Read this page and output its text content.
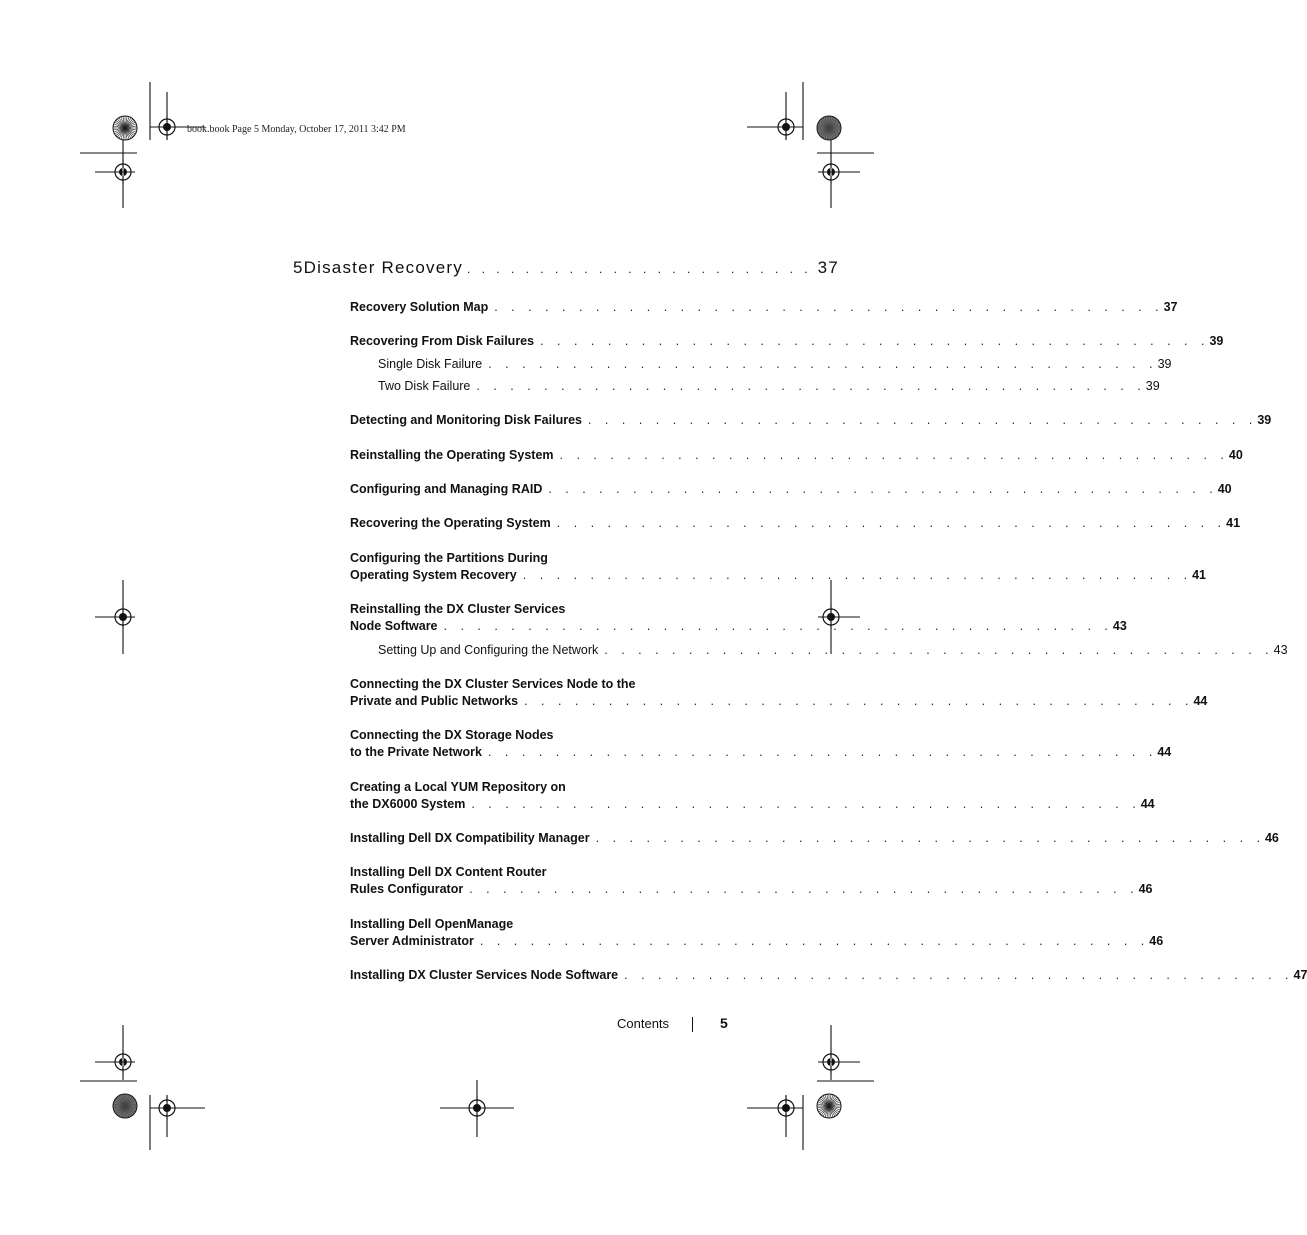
book.book Page 5 Monday, October 17, 2011 3:42 PM
5 Disaster Recovery . . . . . . . . . . . . . . . . . . . . . . . . 37
Recovery Solution Map . . . . . . . . . . . . . . . . . . . . . . . . . . . . . . . . . . . . . . . . 37
Recovering From Disk Failures . . . . . . . . . . . . . . . . . . . . . . . . . . . . . . . . . . . . . . . . 39
Single Disk Failure . . . . . . . . . . . . . . . . . . . . . . . . . . . . . . . . . . . . . . . . 39
Two Disk Failure . . . . . . . . . . . . . . . . . . . . . . . . . . . . . . . . . . . . . . . . 39
Detecting and Monitoring Disk Failures . . . . . . . . . . . . . . . . . . . . . . . . . . . . . . . . . . . . . . . . 39
Reinstalling the Operating System . . . . . . . . . . . . . . . . . . . . . . . . . . . . . . . . . . . . . . . . 40
Configuring and Managing RAID . . . . . . . . . . . . . . . . . . . . . . . . . . . . . . . . . . . . . . . . 40
Recovering the Operating System . . . . . . . . . . . . . . . . . . . . . . . . . . . . . . . . . . . . . . . . 41
Configuring the Partitions During
Operating System Recovery . . . . . . . . . . . . . . . . . . . . . . . . . . . . . . . . . . . . . . . . 41
Reinstalling the DX Cluster Services
Node Software . . . . . . . . . . . . . . . . . . . . . . . . . . . . . . . . . . . . . . . . 43
Setting Up and Configuring the Network . . . . . . . . . . . . . . . . . . . . . . . . . . . . . . . . . . . . . . . . 43
Connecting the DX Cluster Services Node to the
Private and Public Networks . . . . . . . . . . . . . . . . . . . . . . . . . . . . . . . . . . . . . . . . 44
Connecting the DX Storage Nodes
to the Private Network . . . . . . . . . . . . . . . . . . . . . . . . . . . . . . . . . . . . . . . . 44
Creating a Local YUM Repository on
the DX6000 System . . . . . . . . . . . . . . . . . . . . . . . . . . . . . . . . . . . . . . . . 44
Installing Dell DX Compatibility Manager . . . . . . . . . . . . . . . . . . . . . . . . . . . . . . . . . . . . . . . . 46
Installing Dell DX Content Router
Rules Configurator . . . . . . . . . . . . . . . . . . . . . . . . . . . . . . . . . . . . . . . . 46
Installing Dell OpenManage
Server Administrator . . . . . . . . . . . . . . . . . . . . . . . . . . . . . . . . . . . . . . . . 46
Installing DX Cluster Services Node Software . . . . . . . . . . . . . . . . . . . . . . . . . . . . . . . . . . . . . . . . 47
Contents	5
